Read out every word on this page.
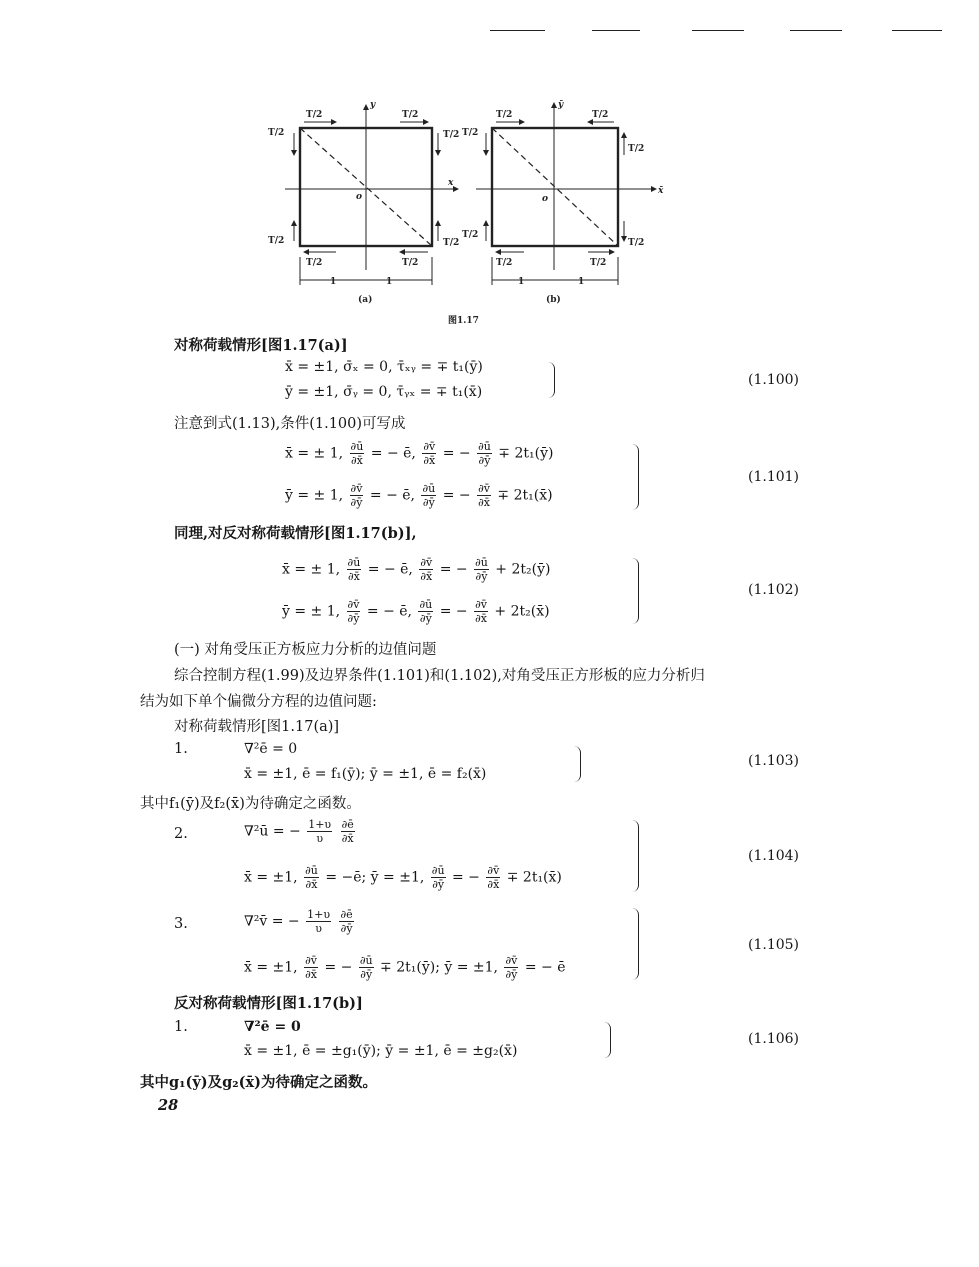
T/2	T/2
T/2	T/2
T/2	T/2
T/2	T/2
1	1
o
x
y
(a)
T/2	T/2
T/2
T/2
T/2
T/2
T/2	T/2
1	1
o
x̄
ȳ
(b)
图1.17
对称荷载情形[图1.17(a)]
x̄ = ±1, σ̄ₓ = 0, τ̄ₓᵧ = ∓ t₁(ȳ)
ȳ = ±1, σ̄ᵧ = 0, τ̄ᵧₓ = ∓ t₁(x̄)
(1.100)
注意到式(1.13),条件(1.100)可写成
x̄ = ± 1, $\frac{\partial ū}{\partial x̄}$ = − ē, $\frac{\partial v̄}{\partial x̄}$ = − $\frac{\partial ū}{\partial ȳ}$ ∓ 2t₁(ȳ)
ȳ = ± 1, $\frac{\partial v̄}{\partial ȳ}$ = − ē, $\frac{\partial ū}{\partial ȳ}$ = − $\frac{\partial v̄}{\partial x̄}$ ∓ 2t₁(x̄)
(1.101)
同理,对反对称荷载情形[图1.17(b)],
x̄ = ± 1, $\frac{\partial ū}{\partial x̄}$ = − ē, $\frac{\partial v̄}{\partial x̄}$ = − $\frac{\partial ū}{\partial ȳ}$ + 2t₂(ȳ)
ȳ = ± 1, $\frac{\partial v̄}{\partial ȳ}$ = − ē, $\frac{\partial ū}{\partial ȳ}$ = − $\frac{\partial v̄}{\partial x̄}$ + 2t₂(x̄)
(1.102)
(一) 对角受压正方板应力分析的边值问题
综合控制方程(1.99)及边界条件(1.101)和(1.102),对角受压正方形板的应力分析归
结为如下单个偏微分方程的边值问题:
对称荷载情形[图1.17(a)]
1.	∇²ē = 0
x̄ = ±1, ē = f₁(ȳ); ȳ = ±1, ē = f₂(x̄)
(1.103)
其中f₁(ȳ)及f₂(x̄)为待确定之函数。
2.	∇²ū = − $\frac{1+\upsilon}{\upsilon}$
$\frac{\partial ē}{\partial x̄}$
x̄ = ±1, $\frac{\partial ū}{\partial x̄}$ = −ē; ȳ = ±1, $\frac{\partial ū}{\partial ȳ}$ = − $\frac{\partial v̄}{\partial x̄}$ ∓ 2t₁(x̄)
(1.104)
3.	∇²v̄ = − $\frac{1+\upsilon}{\upsilon}$
$\frac{\partial ē}{\partial ȳ}$
x̄ = ±1, $\frac{\partial v̄}{\partial x̄}$ = − $\frac{\partial ū}{\partial ȳ}$ ∓ 2t₁(ȳ); ȳ = ±1, $\frac{\partial v̄}{\partial ȳ}$ = − ē
(1.105)
反对称荷载情形[图1.17(b)]
1.	∇²ē = 0
x̄ = ±1, ē = ±g₁(ȳ); ȳ = ±1, ē = ±g₂(x̄)
(1.106)
其中g₁(ȳ)及g₂(x̄)为待确定之函数。
28
